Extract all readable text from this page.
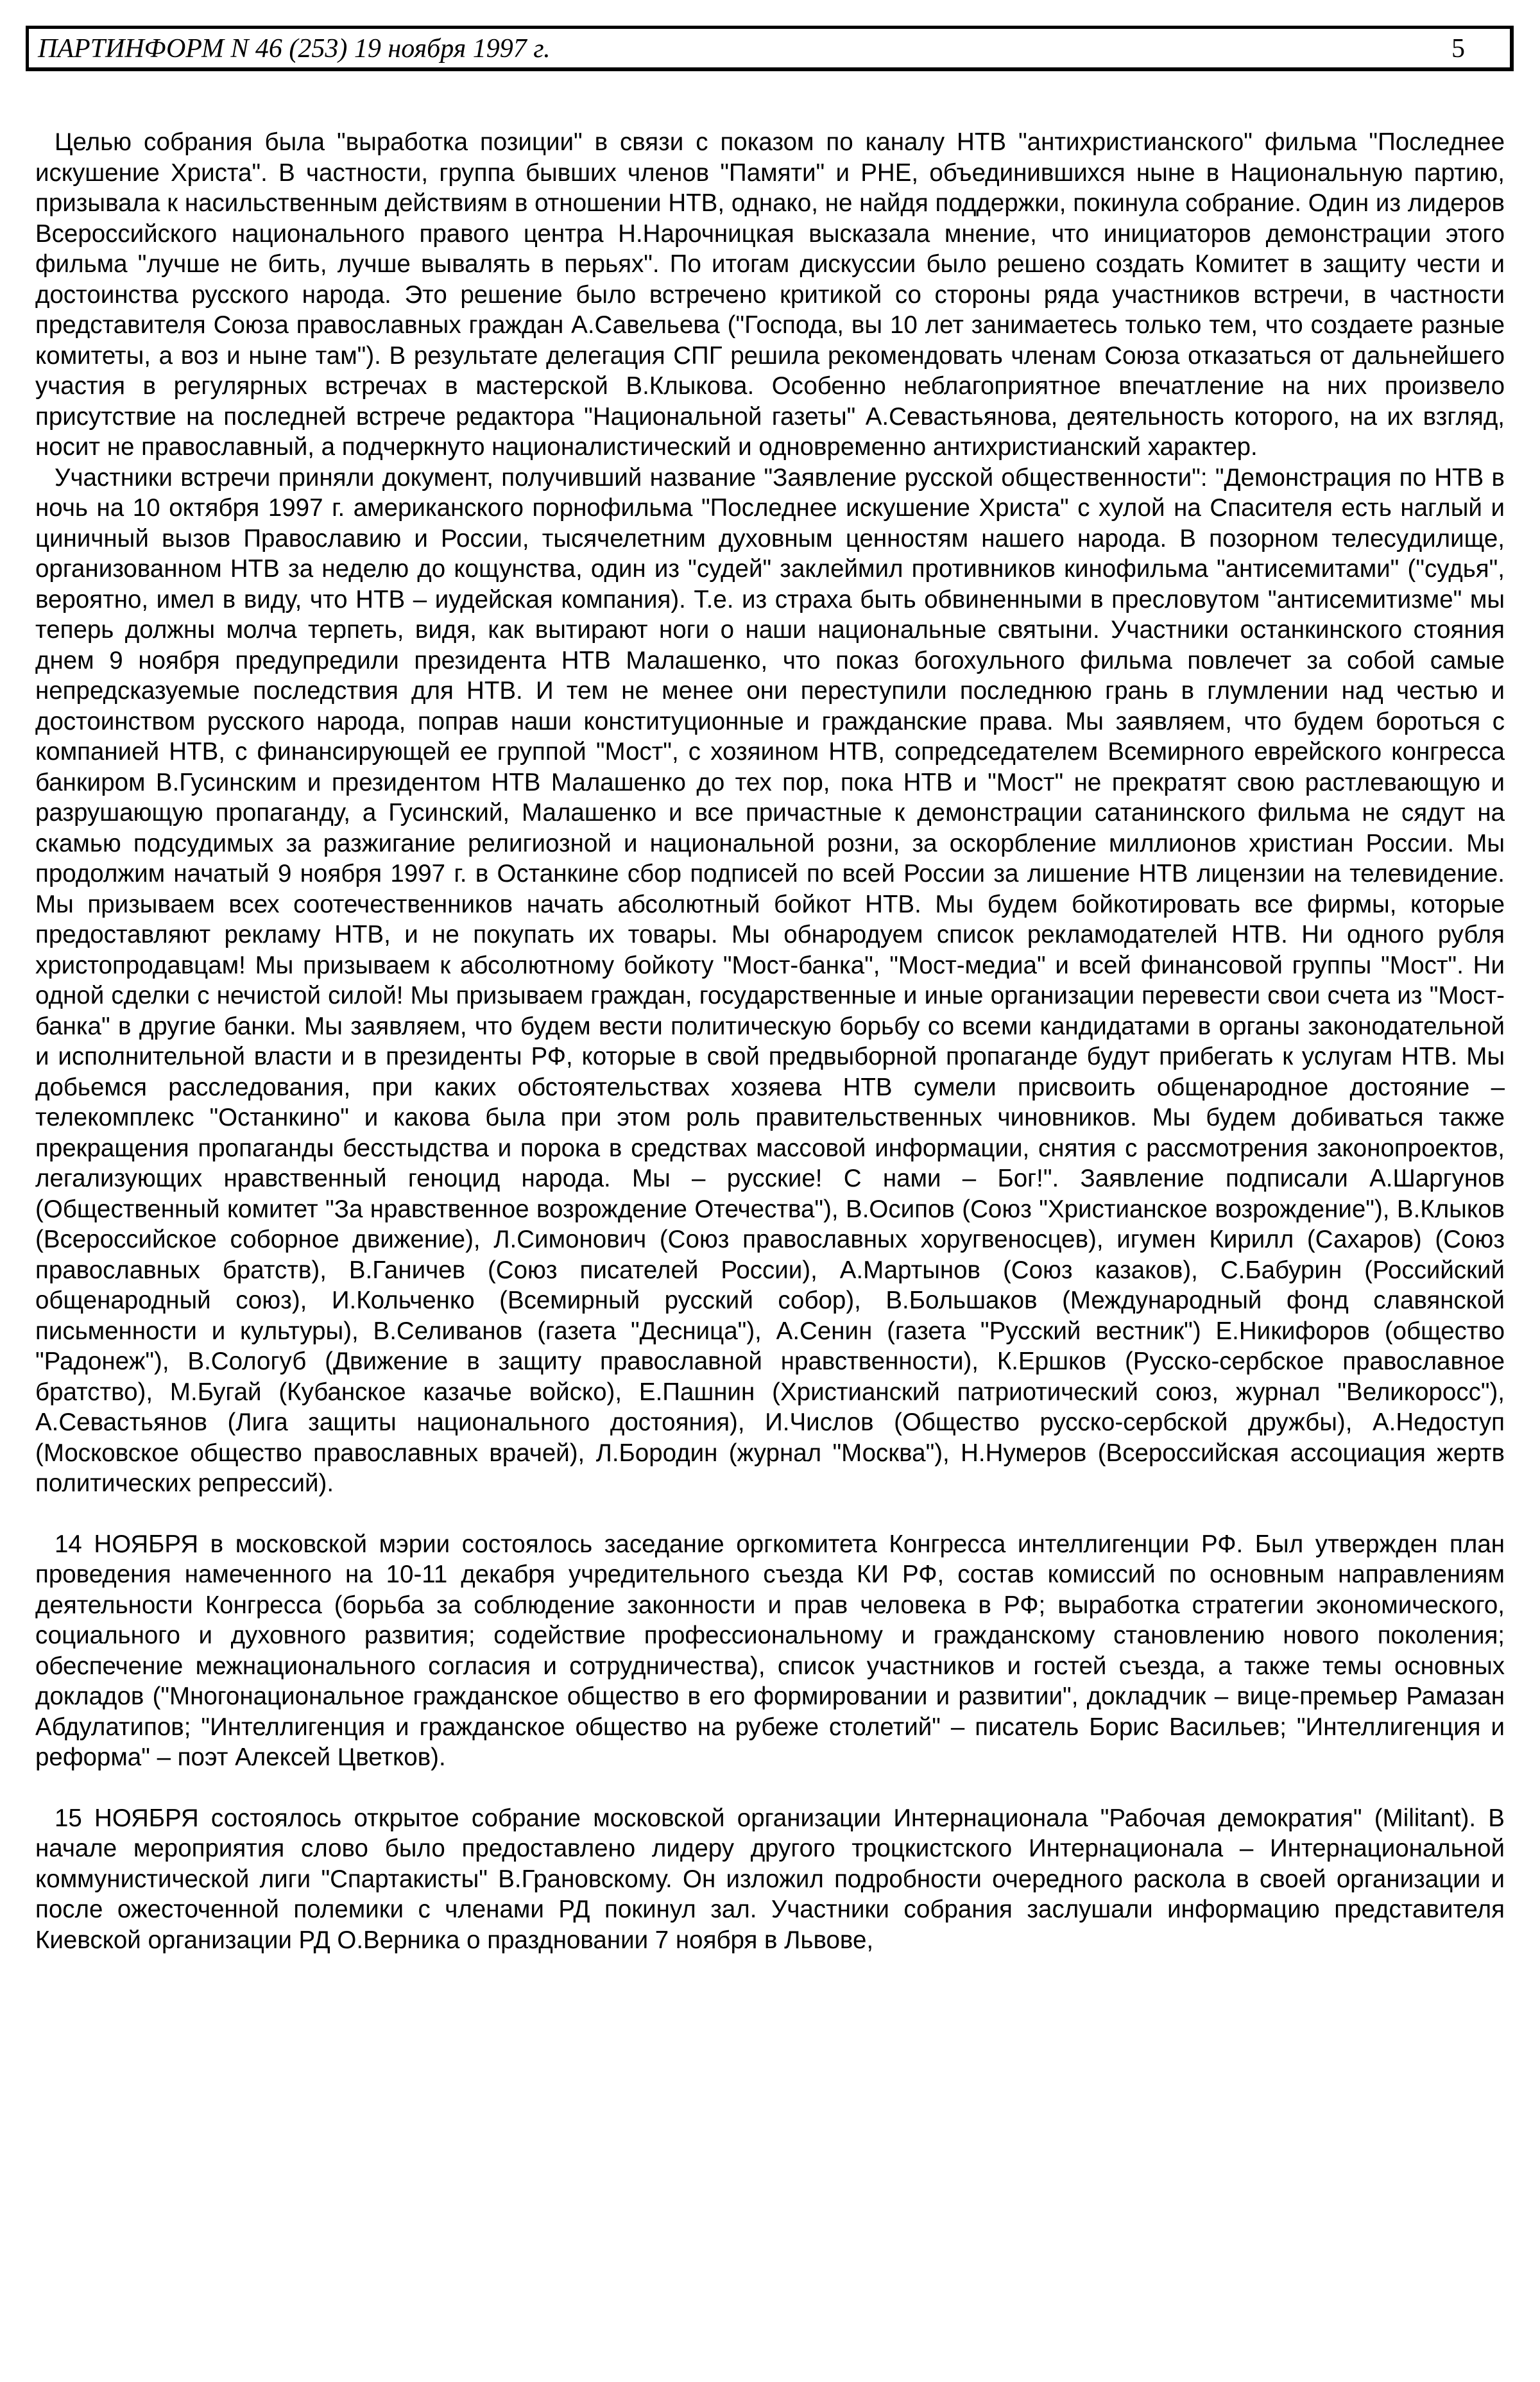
ПАРТИНФОРМ N 46 (253) 19 ноября 1997 г.	5

Целью собрания была "выработка позиции" в связи с показом по каналу НТВ "антихристианского" фильма "Последнее искушение Христа". В частности, группа бывших членов "Памяти" и РНЕ, объединившихся ныне в Национальную партию, призывала к насильственным действиям в отношении НТВ, однако, не найдя поддержки, покинула собрание. Один из лидеров Всероссийского национального правого центра Н.Нарочницкая высказала мнение, что инициаторов демонстрации этого фильма "лучше не бить, лучше вывалять в перьях". По итогам дискуссии было решено создать Комитет в защиту чести и достоинства русского народа. Это решение было встречено критикой со стороны ряда участников встречи, в частности представителя Союза православных граждан А.Савельева ("Господа, вы 10 лет занимаетесь только тем, что создаете разные комитеты, а воз и ныне там"). В результате делегация СПГ решила рекомендовать членам Союза отказаться от дальнейшего участия в регулярных встречах в мастерской В.Клыкова. Особенно неблагоприятное впечатление на них произвело присутствие на последней встрече редактора "Национальной газеты" А.Севастьянова, деятельность которого, на их взгляд, носит не православный, а подчеркнуто националистический и одновременно антихристианский характер.

Участники встречи приняли документ, получивший название "Заявление русской общественности": "Демонстрация по НТВ в ночь на 10 октября 1997 г. американского порнофильма "Последнее искушение Христа" с хулой на Спасителя есть наглый и циничный вызов Православию и России, тысячелетним духовным ценностям нашего народа. В позорном телесудилище, организованном НТВ за неделю до кощунства, один из "судей" заклеймил противников кинофильма "антисемитами" ("судья", вероятно, имел в виду, что НТВ – иудейская компания). Т.е. из страха быть обвиненными в пресловутом "антисемитизме" мы теперь должны молча терпеть, видя, как вытирают ноги о наши национальные святыни. Участники останкинского стояния днем 9 ноября предупредили президента НТВ Малашенко, что показ богохульного фильма повлечет за собой самые непредсказуемые последствия для НТВ. И тем не менее они переступили последнюю грань в глумлении над честью и достоинством русского народа, поправ наши конституционные и гражданские права. Мы заявляем, что будем бороться с компанией НТВ, с финансирующей ее группой "Мост", с хозяином НТВ, сопредседателем Всемирного еврейского конгресса банкиром В.Гусинским и президентом НТВ Малашенко до тех пор, пока НТВ и "Мост" не прекратят свою растлевающую и разрушающую пропаганду, а Гусинский, Малашенко и все причастные к демонстрации сатанинского фильма не сядут на скамью подсудимых за разжигание религиозной и национальной розни, за оскорбление миллионов христиан России. Мы продолжим начатый 9 ноября 1997 г. в Останкине сбор подписей по всей России за лишение НТВ лицензии на телевидение. Мы призываем всех соотечественников начать абсолютный бойкот НТВ. Мы будем бойкотировать все фирмы, которые предоставляют рекламу НТВ, и не покупать их товары. Мы обнародуем список рекламодателей НТВ. Ни одного рубля христопродавцам! Мы призываем к абсолютному бойкоту "Мост-банка", "Мост-медиа" и всей финансовой группы "Мост". Ни одной сделки с нечистой силой! Мы призываем граждан, государственные и иные организации перевести свои счета из "Мост-банка" в другие банки. Мы заявляем, что будем вести политическую борьбу со всеми кандидатами в органы законодательной и исполнительной власти и в президенты РФ, которые в свой предвыборной пропаганде будут прибегать к услугам НТВ. Мы добьемся расследования, при каких обстоятельствах хозяева НТВ сумели присвоить общенародное достояние – телекомплекс "Останкино" и какова была при этом роль правительственных чиновников. Мы будем добиваться также прекращения пропаганды бесстыдства и порока в средствах массовой информации, снятия с рассмотрения законопроектов, легализующих нравственный геноцид народа. Мы – русские! С нами – Бог!". Заявление подписали А.Шаргунов (Общественный комитет "За нравственное возрождение Отечества"), В.Осипов (Союз "Христианское возрождение"), В.Клыков (Всероссийское соборное движение), Л.Симонович (Союз православных хоругвеносцев), игумен Кирилл (Сахаров) (Союз православных братств), В.Ганичев (Союз писателей России), А.Мартынов (Союз казаков), С.Бабурин (Российский общенародный союз), И.Кольченко (Всемирный русский собор), В.Большаков (Международный фонд славянской письменности и культуры), В.Селиванов (газета "Десница"), А.Сенин (газета "Русский вестник") Е.Никифоров (общество "Радонеж"), В.Сологуб (Движение в защиту православной нравственности), К.Ершков (Русско-сербское православное братство), М.Бугай (Кубанское казачье войско), Е.Пашнин (Христианский патриотический союз, журнал "Великоросс"), А.Севастьянов (Лига защиты национального достояния), И.Числов (Общество русско-сербской дружбы), А.Недоступ (Московское общество православных врачей), Л.Бородин (журнал "Москва"), Н.Нумеров (Всероссийская ассоциация жертв политических репрессий).

14 НОЯБРЯ в московской мэрии состоялось заседание оргкомитета Конгресса интеллигенции РФ. Был утвержден план проведения намеченного на 10-11 декабря учредительного съезда КИ РФ, состав комиссий по основным направлениям деятельности Конгресса (борьба за соблюдение законности и прав человека в РФ; выработка стратегии экономического, социального и духовного развития; содействие профессиональному и гражданскому становлению нового поколения; обеспечение межнационального согласия и сотрудничества), список участников и гостей съезда, а также темы основных докладов ("Многонациональное гражданское общество в его формировании и развитии", докладчик – вице-премьер Рамазан Абдулатипов; "Интеллигенция и гражданское общество на рубеже столетий" – писатель Борис Васильев; "Интеллигенция и реформа" – поэт Алексей Цветков).

15 НОЯБРЯ состоялось открытое собрание московской организации Интернационала "Рабочая демократия" (Militant). В начале мероприятия слово было предоставлено лидеру другого троцкистского Интернационала – Интернациональной коммунистической лиги "Спартакисты" В.Грановскому. Он изложил подробности очередного раскола в своей организации и после ожесточенной полемики с членами РД покинул зал. Участники собрания заслушали информацию представителя Киевской организации РД О.Верника о праздновании 7 ноября в Львове,
